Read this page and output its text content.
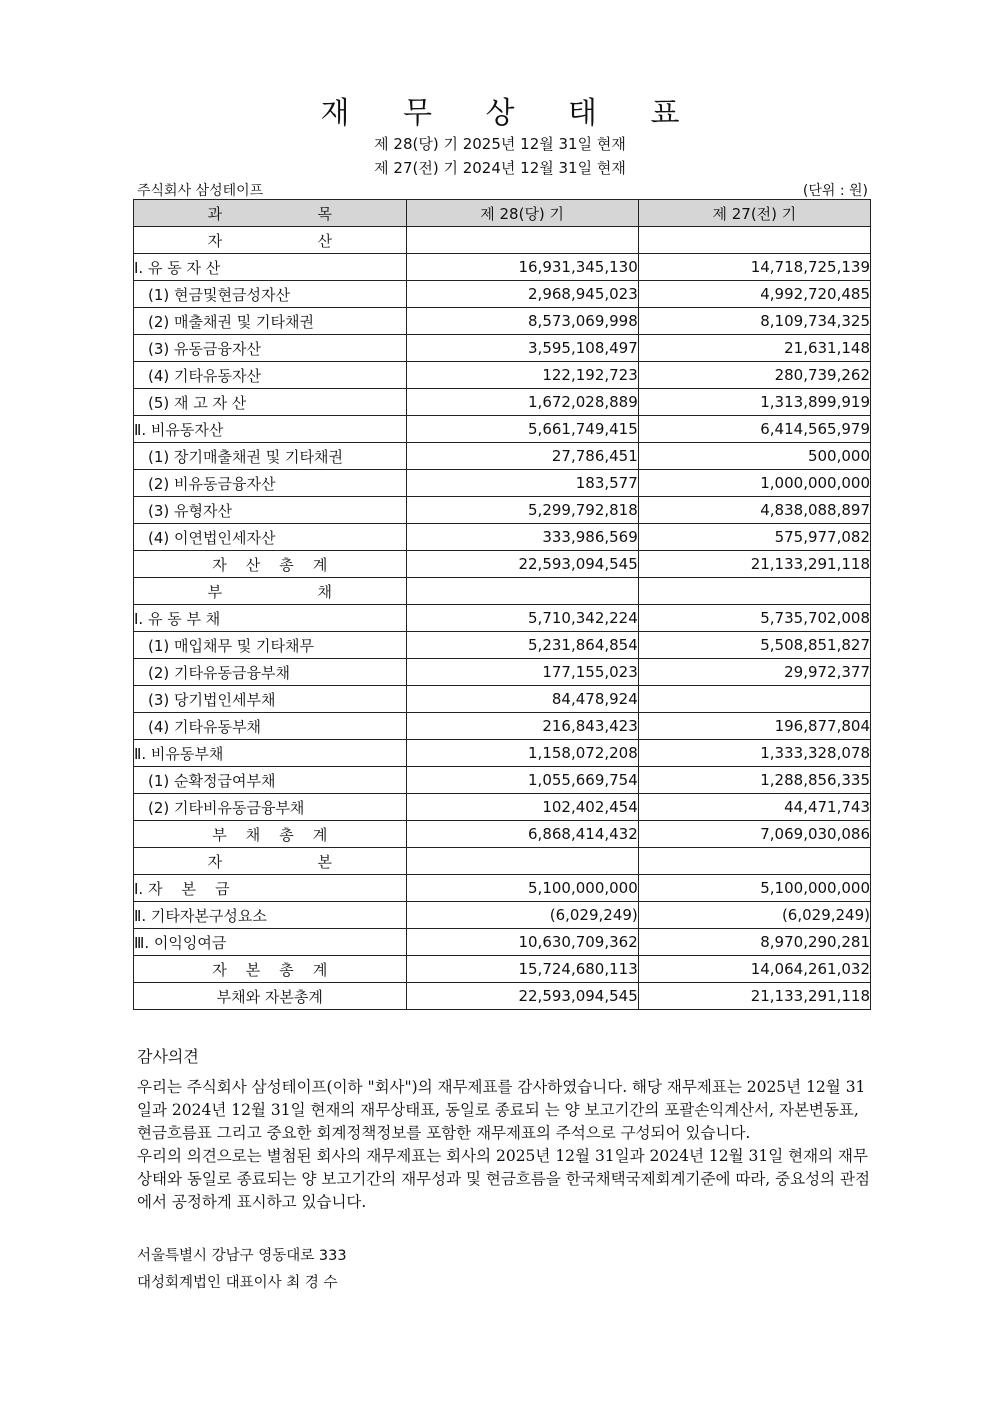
재 무 상 태 표
제 28(당) 기 2025년 12월 31일 현재
제 27(전) 기 2024년 12월 31일 현재
주식회사 삼성테이프	(단위 : 원)
과                    목	제 28(당) 기	제 27(전) 기
자                    산		
Ⅰ. 유 동 자 산	16,931,345,130	14,718,725,139
(1) 현금및현금성자산	2,968,945,023	4,992,720,485
(2) 매출채권 및 기타채권	8,573,069,998	8,109,734,325
(3) 유동금융자산	3,595,108,497	21,631,148
(4) 기타유동자산	122,192,723	280,739,262
(5) 재 고 자 산	1,672,028,889	1,313,899,919
Ⅱ. 비유동자산	5,661,749,415	6,414,565,979
(1) 장기매출채권 및 기타채권	27,786,451	500,000
(2) 비유동금융자산	183,577	1,000,000,000
(3) 유형자산	5,299,792,818	4,838,088,897
(4) 이연법인세자산	333,986,569	575,977,082
자    산    총    계	22,593,094,545	21,133,291,118
부                    채		
Ⅰ. 유 동 부 채	5,710,342,224	5,735,702,008
(1) 매입채무 및 기타채무	5,231,864,854	5,508,851,827
(2) 기타유동금융부채	177,155,023	29,972,377
(3) 당기법인세부채	84,478,924	
(4) 기타유동부채	216,843,423	196,877,804
Ⅱ. 비유동부채	1,158,072,208	1,333,328,078
(1) 순확정급여부채	1,055,669,754	1,288,856,335
(2) 기타비유동금융부채	102,402,454	44,471,743
부    채    총    계	6,868,414,432	7,069,030,086
자                    본		
Ⅰ. 자    본    금	5,100,000,000	5,100,000,000
Ⅱ. 기타자본구성요소	(6,029,249)	(6,029,249)
Ⅲ. 이익잉여금	10,630,709,362	8,970,290,281
자    본    총    계	15,724,680,113	14,064,261,032
부채와 자본총계	22,593,094,545	21,133,291,118
감사의견

우리는 주식회사 삼성테이프(이하 "회사")의 재무제표를 감사하였습니다. 해당 재무제표는 2025년 12월 31일과 2024년 12월 31일 현재의 재무상태표, 동일로 종료되 는 양 보고기간의 포괄손익계산서, 자본변동표, 현금흐름표 그리고 중요한 회계정책정보를 포함한 재무제표의 주석으로 구성되어 있습니다.

우리의 의견으로는 별첨된 회사의 재무제표는 회사의 2025년 12월 31일과 2024년 12월 31일 현재의 재무상태와 동일로 종료되는 양 보고기간의 재무성과 및 현금흐름을 한국채택국제회계기준에 따라, 중요성의 관점에서 공정하게 표시하고 있습니다.

서울특별시 강남구 영동대로 333
대성회계법인 대표이사 최 경 수
